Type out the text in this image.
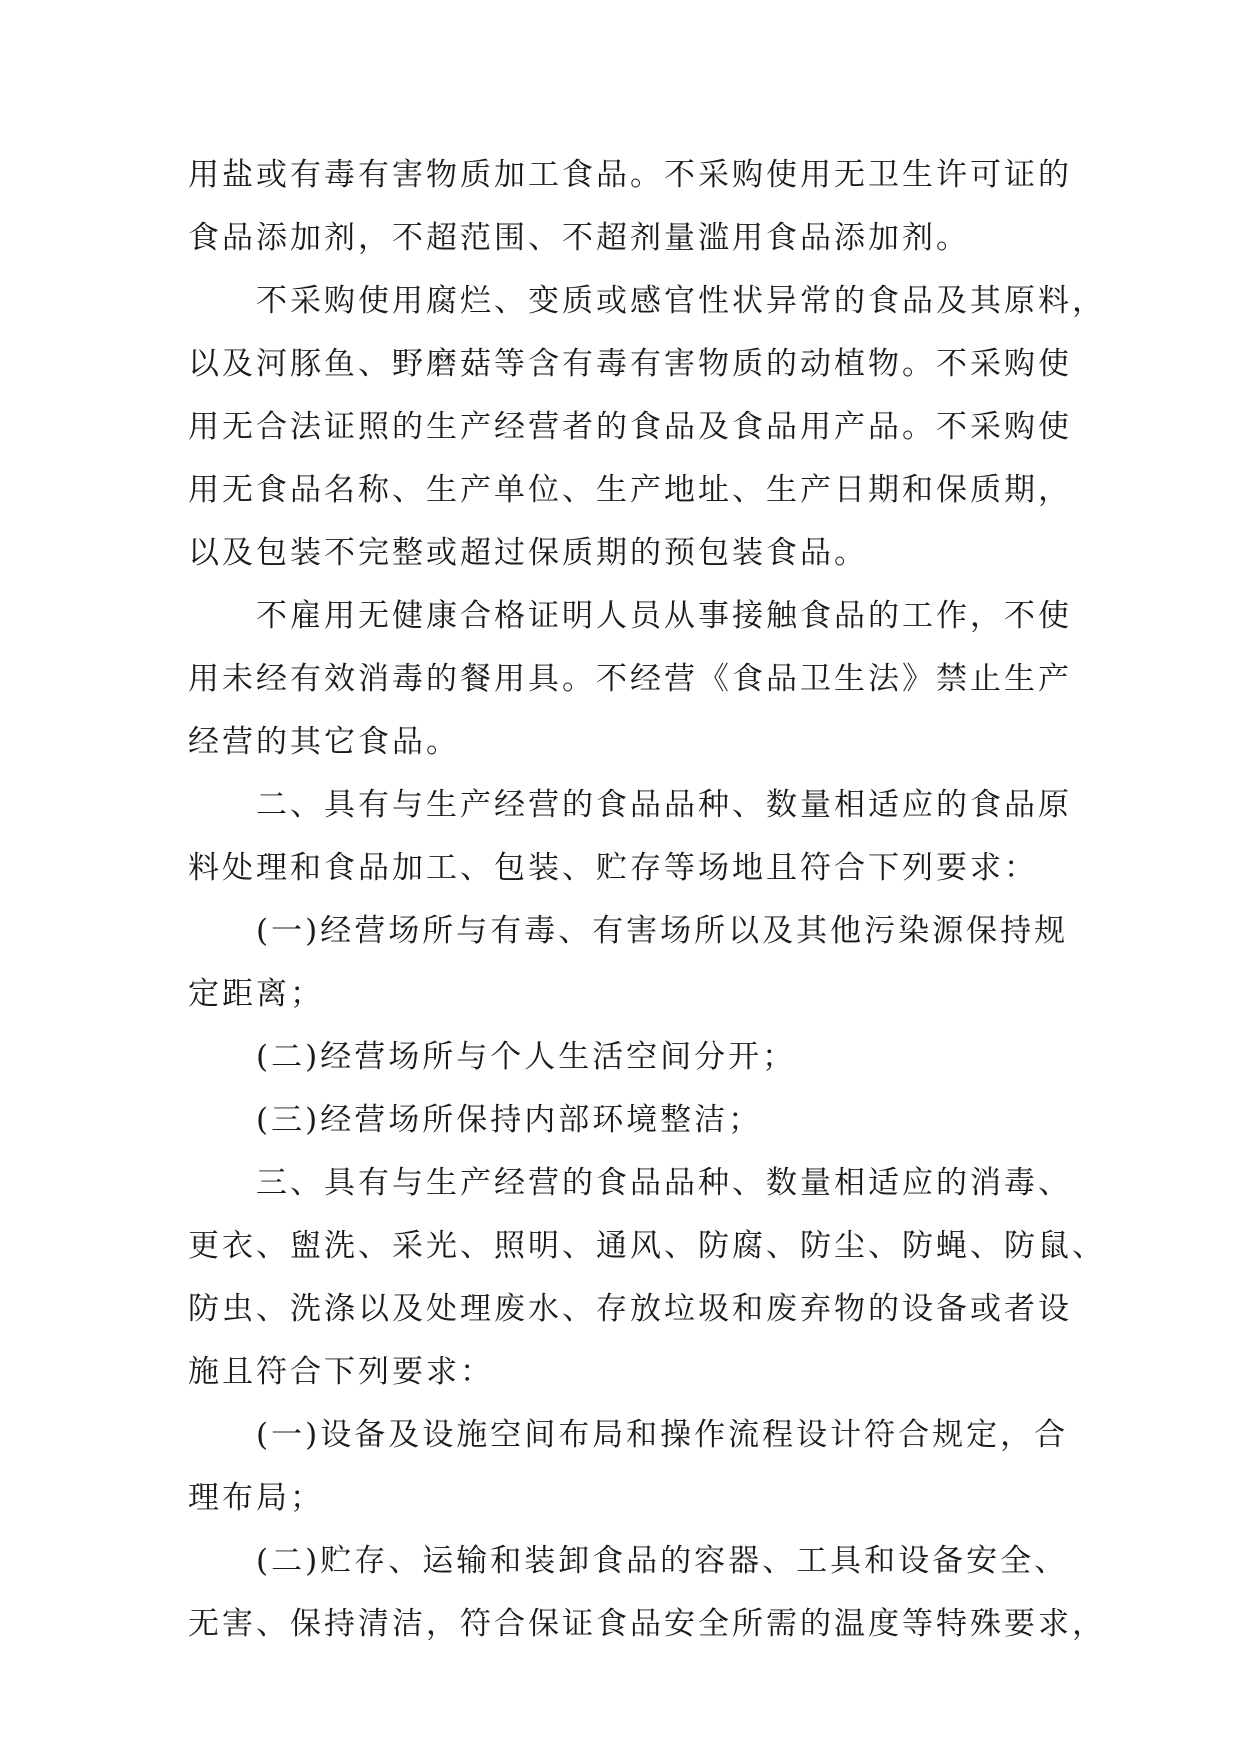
用盐或有毒有害物质加工食品。不采购使用无卫生许可证的
食品添加剂，不超范围、不超剂量滥用食品添加剂。
不采购使用腐烂、变质或感官性状异常的食品及其原料，
以及河豚鱼、野磨菇等含有毒有害物质的动植物。不采购使
用无合法证照的生产经营者的食品及食品用产品。不采购使
用无食品名称、生产单位、生产地址、生产日期和保质期，
以及包装不完整或超过保质期的预包装食品。
不雇用无健康合格证明人员从事接触食品的工作，不使
用未经有效消毒的餐用具。不经营《食品卫生法》禁止生产
经营的其它食品。
二、具有与生产经营的食品品种、数量相适应的食品原
料处理和食品加工、包装、贮存等场地且符合下列要求：
(一)经营场所与有毒、有害场所以及其他污染源保持规
定距离；
(二)经营场所与个人生活空间分开；
(三)经营场所保持内部环境整洁；
三、具有与生产经营的食品品种、数量相适应的消毒、
更衣、盥洗、采光、照明、通风、防腐、防尘、防蝇、防鼠、
防虫、洗涤以及处理废水、存放垃圾和废弃物的设备或者设
施且符合下列要求：
(一)设备及设施空间布局和操作流程设计符合规定，合
理布局；
(二)贮存、运输和装卸食品的容器、工具和设备安全、
无害、保持清洁，符合保证食品安全所需的温度等特殊要求，
